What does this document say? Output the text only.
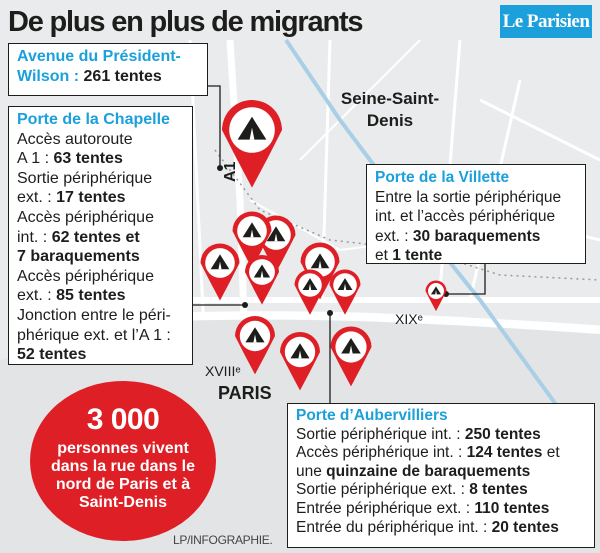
De plus en plus de migrants	Le Parisien
Seine-Saint-Denis
A1
XIXᵉ
XVIIIᵉ
PARIS
Avenue du Président-
Wilson : 261 tentes
Porte de la Chapelle
Accès autoroute
A 1 : 63 tentes
Sortie périphérique
ext. : 17 tentes
Accès périphérique
int. : 62 tentes et
7 baraquements
Accès périphérique
ext. : 85 tentes
Jonction entre le péri-
phérique ext. et l’A 1 :
52 tentes
Porte de la Villette
Entre la sortie périphérique
int. et l’accès périphérique
ext. : 30 baraquements
et 1 tente
Porte d’Aubervilliers
Sortie périphérique int. : 250 tentes
Accès périphérique int. : 124 tentes et
une quinzaine de baraquements
Sortie périphérique ext. : 8 tentes
Entrée périphérique ext. : 110 tentes
Entrée du périphérique int. : 20 tentes
3 000
personnes vivent dans la rue dans le nord de Paris et à Saint-Denis
LP/INFOGRAPHIE.
